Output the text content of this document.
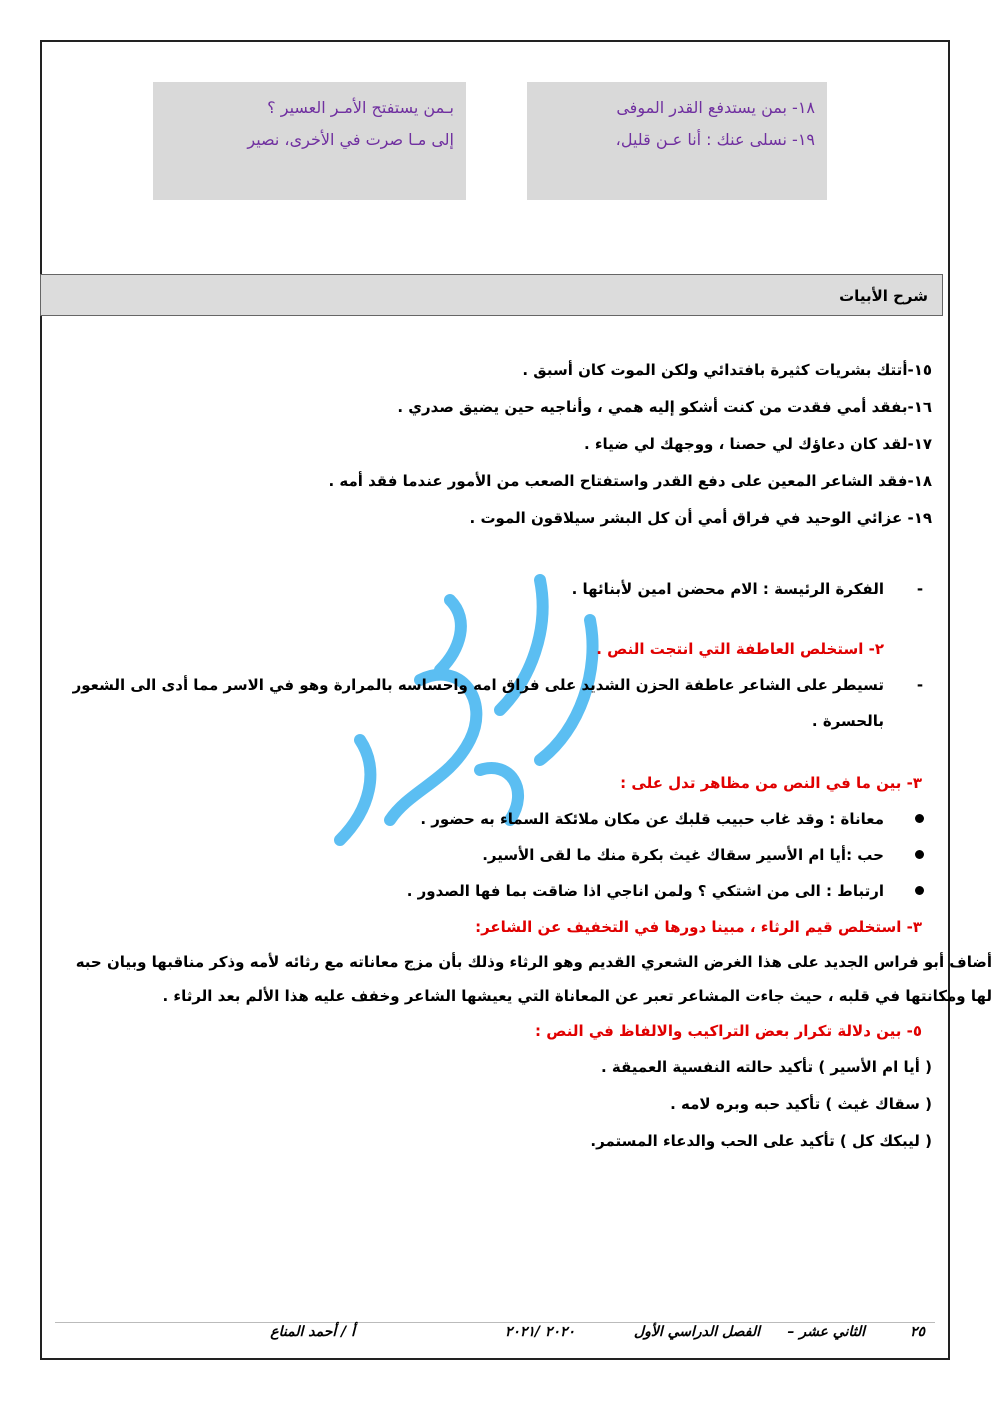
١٨- بمن يستدفع القدر الموفى
١٩- نسلى عنك : أنا عـن قليل،
بـمن يستفتح الأمـر العسير ؟
إلى مـا صرت في الأخرى، نصير
شرح الأبيات
١٥-أتتك بشريات كثيرة بافتدائي ولكن الموت كان أسبق .
١٦-بفقد أمي فقدت من كنت أشكو إليه همي ، وأناجيه حين يضيق صدري .
١٧-لقد كان دعاؤك لي حصنا ، ووجهك لي ضياء .
١٨-فقد الشاعر المعين على دفع القدر واستفتاح الصعب من الأمور عندما فقد أمه .
١٩- عزائي الوحيد في فراق أمي أن كل البشر سيلاقون الموت .
-
الفكرة الرئيسة : الام محضن امين لأبنائها .
٢- استخلص العاطفة التي انتجت النص .
-
تسيطر على الشاعر عاطفة الحزن الشديد على فراق امه واحساسه بالمرارة وهو في الاسر مما أدى الى الشعور بالحسرة .
٣- بين ما في النص من مظاهر تدل على :
معاناة : وقد غاب حبيب قلبك عن مكان ملائكة السماء به حضور .
حب :أيا ام الأسير سقاك غيث بكرة منك ما لقى الأسير.
ارتباط : الى من اشتكي ؟ ولمن اناجي اذا ضاقت بما فها الصدور .
٣- استخلص قيم الرثاء ، مبينا دورها في التخفيف عن الشاعر:
أضاف أبو فراس الجديد على هذا الغرض الشعري القديم وهو الرثاء وذلك بأن مزج معاناته مع رثائه لأمه وذكر مناقبها وبيان حبه لها ومكانتها في قلبه ، حيث جاءت المشاعر تعبر عن المعاناة التي يعيشها الشاعر وخفف عليه هذا الألم بعد الرثاء .
٥- بين دلالة تكرار بعض التراكيب والالفاظ في النص :
( أيا ام الأسير ) تأكيد حالته النفسية العميقة .
( سقاك غيث ) تأكيد حبه وبره لامه .
( ليبكك كل ) تأكيد على الحب والدعاء المستمر.
٢٥
الثاني عشر –
الفصل الدراسي الأول
٢٠٢٠ /٢٠٢١
أ / أحمد المناع
